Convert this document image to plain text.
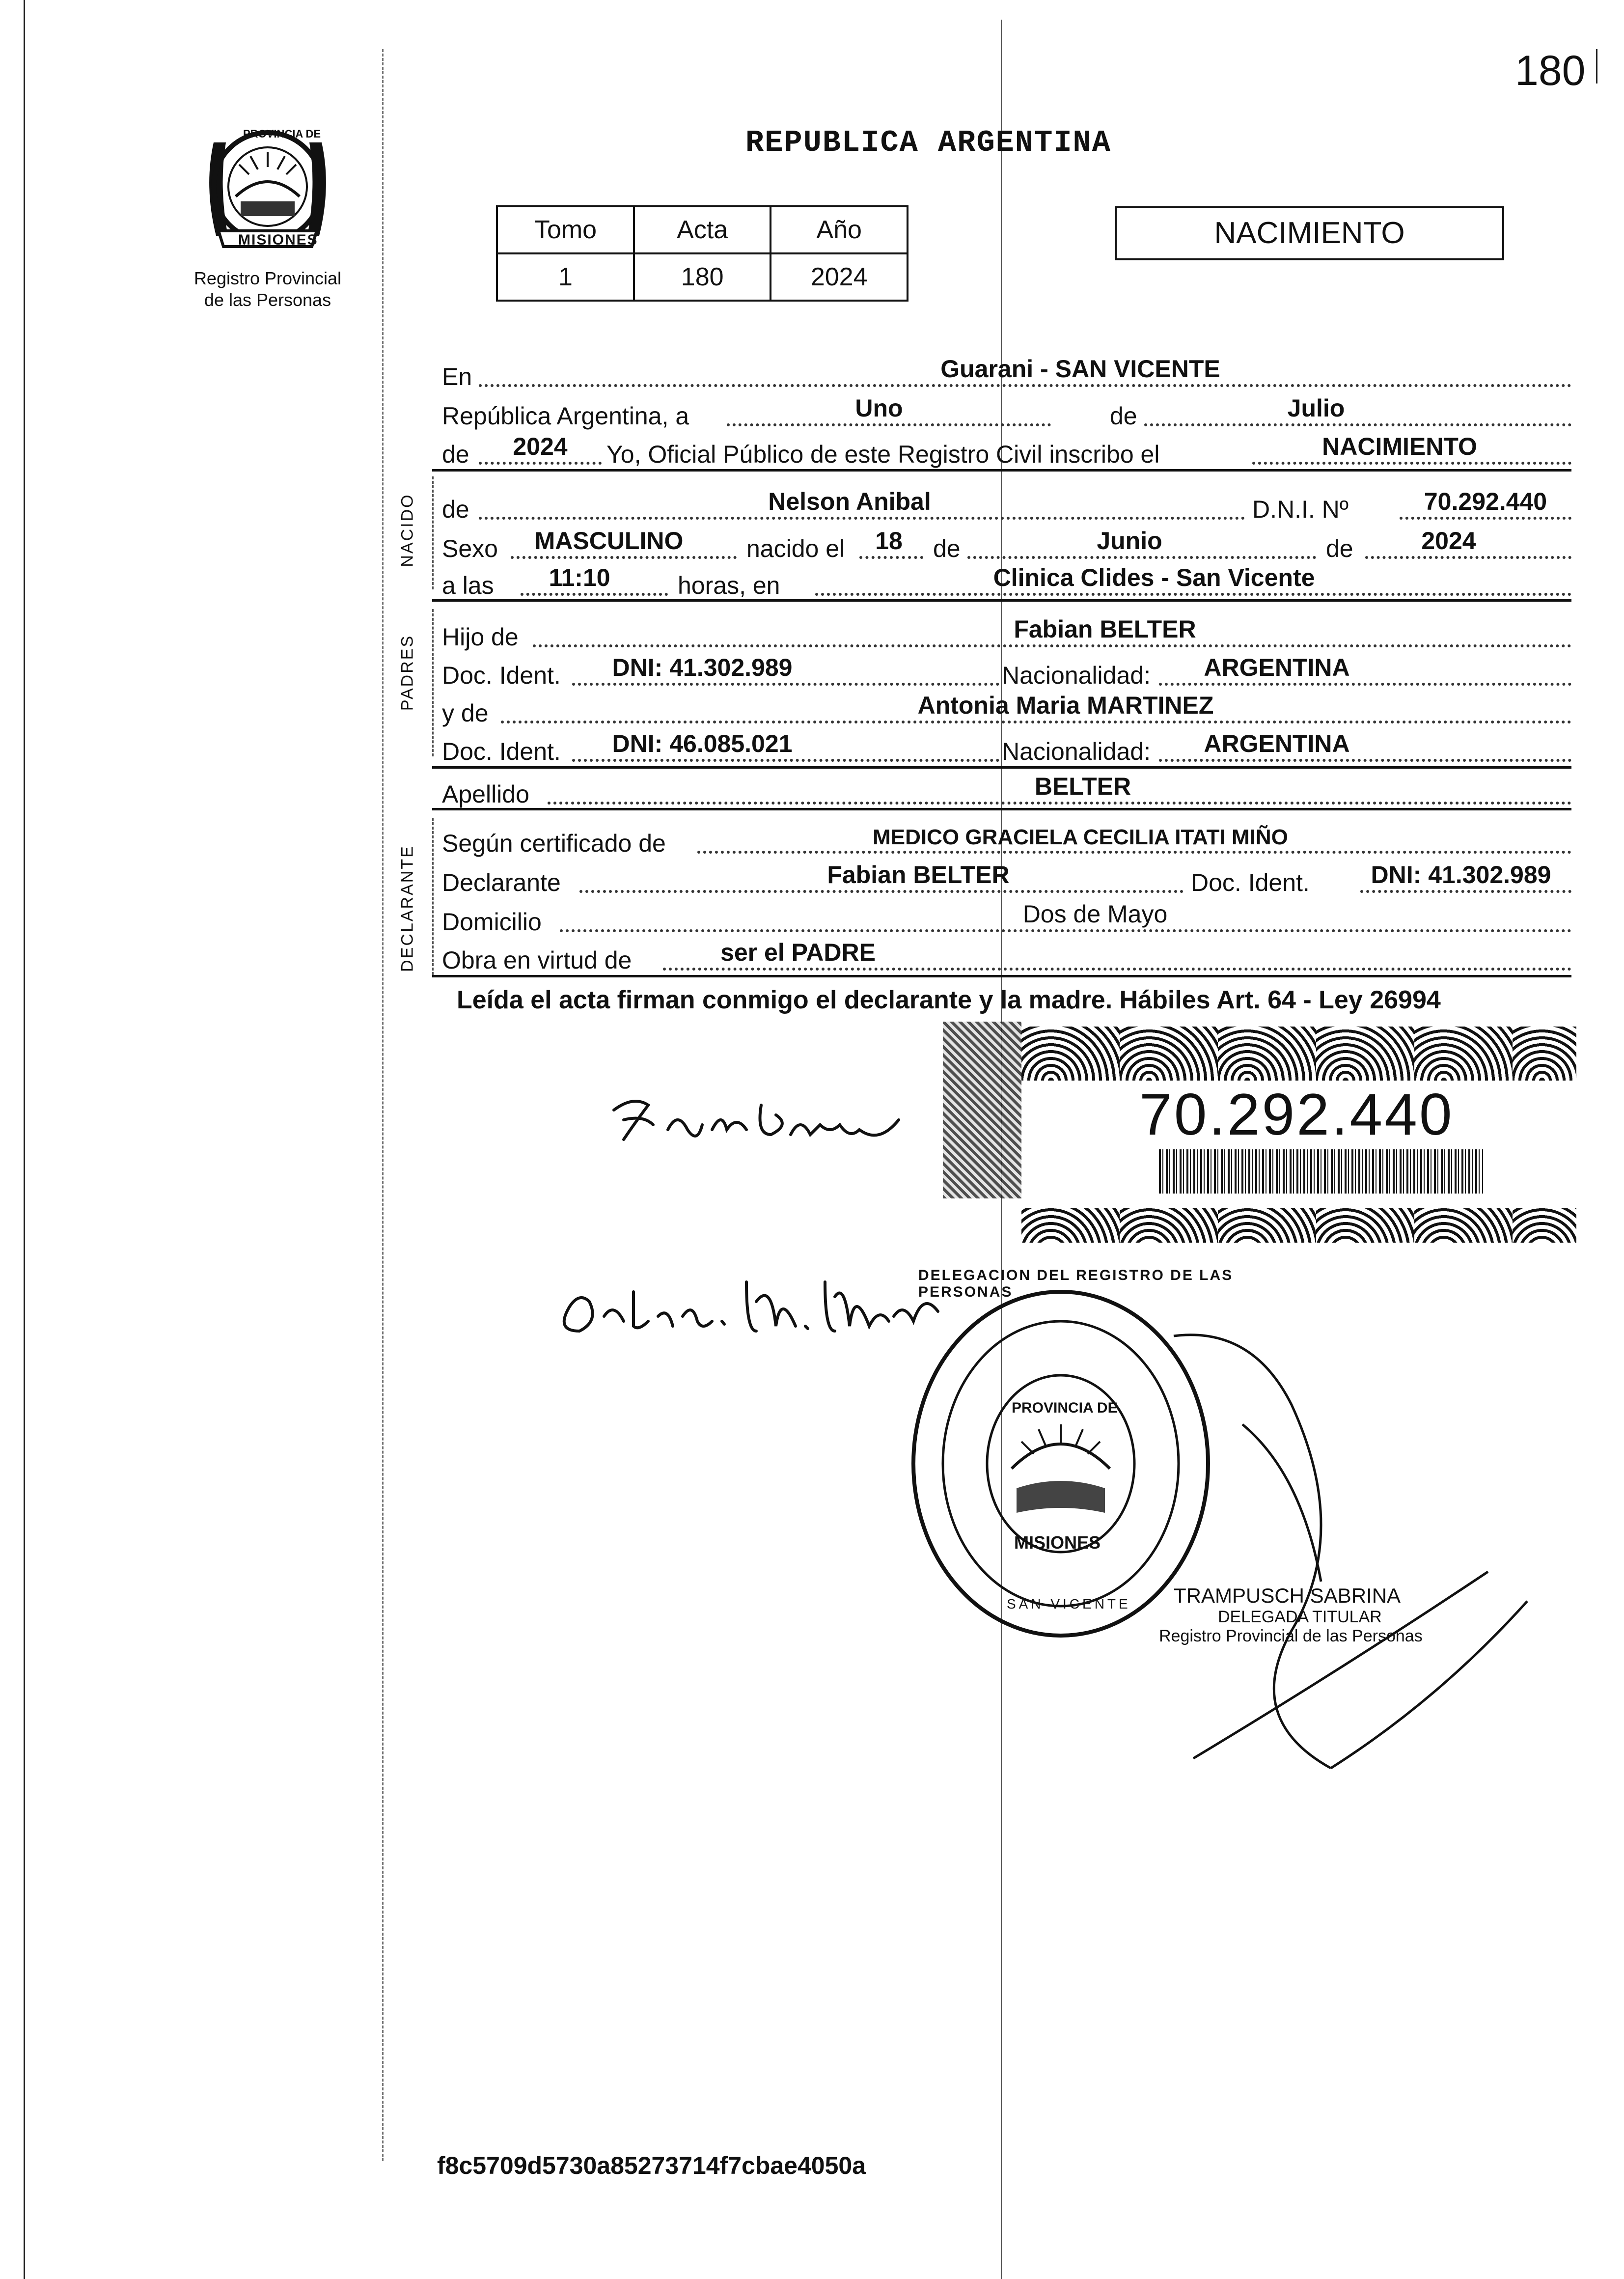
180
PROVINCIA DE
MISIONES
Registro Provincial
de las Personas
REPUBLICA ARGENTINA
Tomo	Acta	Año
1	180	2024
NACIMIENTO
En	Guarani - SAN VICENTE
República Argentina, a	Uno	de	Julio
de	2024	Yo, Oficial Público de este Registro Civil inscribo el	NACIMIENTO
NACIDO de	Nelson Anibal	D.N.I. Nº	70.292.440
Sexo	MASCULINO	nacido el	18	de	Junio	de	2024
a las	11:10	horas, en	Clinica Clides - San Vicente
PADRES Hijo de	Fabian BELTER
Doc. Ident.	DNI: 41.302.989	Nacionalidad:	ARGENTINA
y de	Antonia Maria MARTINEZ
Doc. Ident.	DNI: 46.085.021	Nacionalidad:	ARGENTINA
Apellido	BELTER
DECLARANTE
Según certificado de	MEDICO GRACIELA CECILIA ITATI MIÑO
Declarante	Fabian BELTER	Doc. Ident.	DNI: 41.302.989
Domicilio	Dos de Mayo
Obra en virtud de	ser el PADRE
Leída el acta firman conmigo el declarante y la madre. Hábiles Art. 64 - Ley 26994
70.292.440
DELEGACION DEL REGISTRO DE LAS PERSONAS
PROVINCIA DE
MISIONES
SAN VICENTE TRAMPUSCH SABRINA
DELEGADA TITULAR
Registro Provincial de las Personas
f8c5709d5730a85273714f7cbae4050a
